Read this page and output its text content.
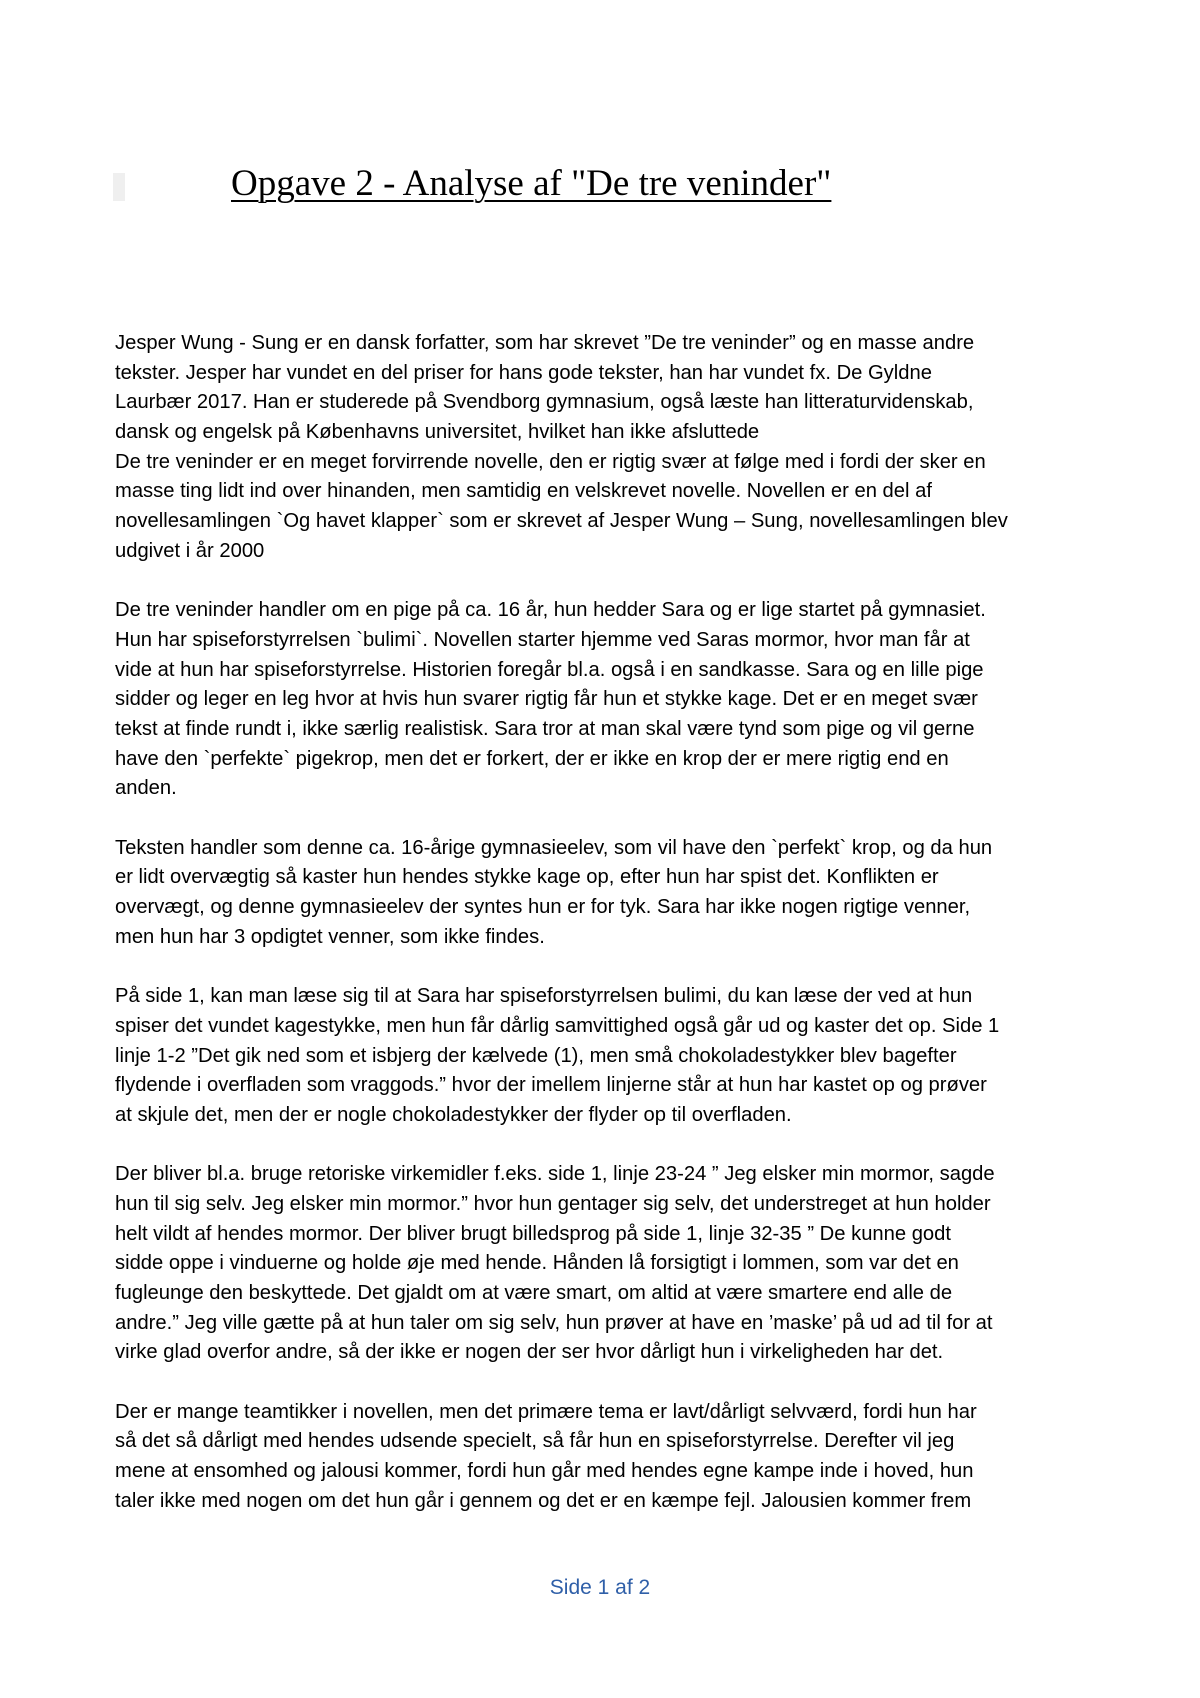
Opgave 2 - Analyse af "De tre veninder"
Jesper Wung - Sung er en dansk forfatter, som har skrevet ”De tre veninder” og en masse andre
tekster. Jesper har vundet en del priser for hans gode tekster, han har vundet fx. De Gyldne
Laurbær 2017. Han er studerede på Svendborg gymnasium, også læste han litteraturvidenskab,
dansk og engelsk på Københavns universitet, hvilket han ikke afsluttede
De tre veninder er en meget forvirrende novelle, den er rigtig svær at følge med i fordi der sker en
masse ting lidt ind over hinanden, men samtidig en velskrevet novelle. Novellen er en del af
novellesamlingen `Og havet klapper` som er skrevet af Jesper Wung – Sung, novellesamlingen blev
udgivet i år 2000
De tre veninder handler om en pige på ca. 16 år, hun hedder Sara og er lige startet på gymnasiet.
Hun har spiseforstyrrelsen `bulimi`. Novellen starter hjemme ved Saras mormor, hvor man får at
vide at hun har spiseforstyrrelse. Historien foregår bl.a. også i en sandkasse. Sara og en lille pige
sidder og leger en leg hvor at hvis hun svarer rigtig får hun et stykke kage. Det er en meget svær
tekst at finde rundt i, ikke særlig realistisk. Sara tror at man skal være tynd som pige og vil gerne
have den `perfekte` pigekrop, men det er forkert, der er ikke en krop der er mere rigtig end en
anden.
Teksten handler som denne ca. 16-årige gymnasieelev, som vil have den `perfekt` krop, og da hun
er lidt overvægtig så kaster hun hendes stykke kage op, efter hun har spist det. Konflikten er
overvægt, og denne gymnasieelev der syntes hun er for tyk. Sara har ikke nogen rigtige venner,
men hun har 3 opdigtet venner, som ikke findes.
På side 1, kan man læse sig til at Sara har spiseforstyrrelsen bulimi, du kan læse der ved at hun
spiser det vundet kagestykke, men hun får dårlig samvittighed også går ud og kaster det op. Side 1
linje 1-2 ”Det gik ned som et isbjerg der kælvede (1), men små chokoladestykker blev bagefter
flydende i overfladen som vraggods.” hvor der imellem linjerne står at hun har kastet op og prøver
at skjule det, men der er nogle chokoladestykker der flyder op til overfladen.
Der bliver bl.a. bruge retoriske virkemidler f.eks. side 1, linje 23-24 ” Jeg elsker min mormor, sagde
hun til sig selv. Jeg elsker min mormor.” hvor hun gentager sig selv, det understreget at hun holder
helt vildt af hendes mormor. Der bliver brugt billedsprog på side 1, linje 32-35 ” De kunne godt
sidde oppe i vinduerne og holde øje med hende. Hånden lå forsigtigt i lommen, som var det en
fugleunge den beskyttede. Det gjaldt om at være smart, om altid at være smartere end alle de
andre.” Jeg ville gætte på at hun taler om sig selv, hun prøver at have en ’maske’ på ud ad til for at
virke glad overfor andre, så der ikke er nogen der ser hvor dårligt hun i virkeligheden har det.
Der er mange teamtikker i novellen, men det primære tema er lavt/dårligt selvværd, fordi hun har
så det så dårligt med hendes udsende specielt, så får hun en spiseforstyrrelse. Derefter vil jeg
mene at ensomhed og jalousi kommer, fordi hun går med hendes egne kampe inde i hoved, hun
taler ikke med nogen om det hun går i gennem og det er en kæmpe fejl. Jalousien kommer frem
Side 1 af 2
